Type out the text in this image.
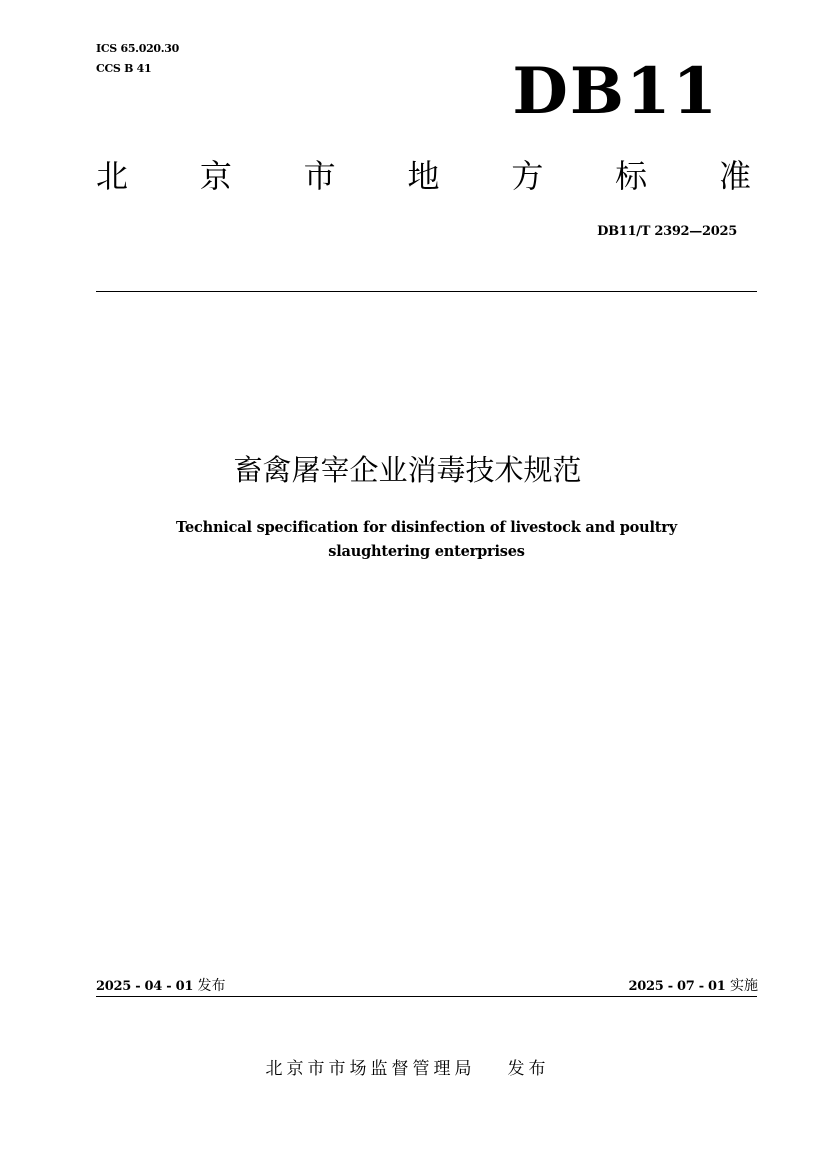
ICS 65.020.30
CCS B 41	DB11
北 京 市 地 方 标 准
DB11/T 2392—2025
畜禽屠宰企业消毒技术规范
Technical specification for disinfection of livestock and poultry
slaughtering enterprises
2025 - 04 - 01 发布	2025 - 07 - 01 实施
北京市市场监督管理局 发布
